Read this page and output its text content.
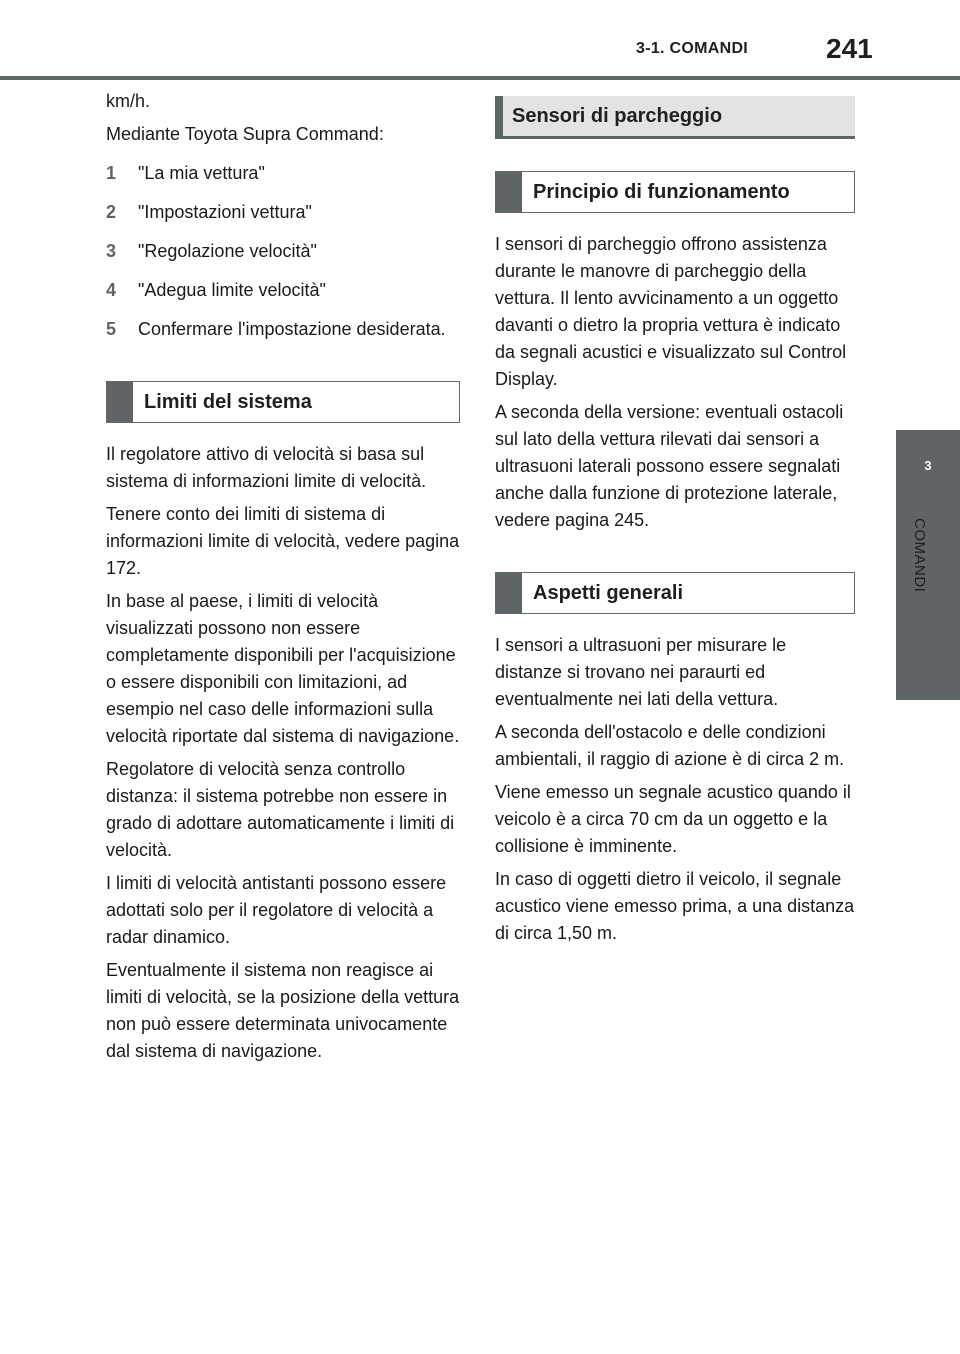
3-1. COMANDI	241
3
COMANDI

km/h.

Mediante Toyota Supra Command:

1 "La mia vettura"
2 "Impostazioni vettura"
3 "Regolazione velocità"
4 "Adegua limite velocità"
5 Confermare l'impostazione desiderata.
Limiti del sistema

Il regolatore attivo di velocità si basa sul sistema di informazioni limite di velocità.

Tenere conto dei limiti di sistema di informazioni limite di velocità, vedere pagina 172.

In base al paese, i limiti di velocità visualizzati possono non essere completamente disponibili per l'acquisizione o essere disponibili con limitazioni, ad esempio nel caso delle informazioni sulla velocità riportate dal sistema di navigazione.

Regolatore di velocità senza controllo distanza: il sistema potrebbe non essere in grado di adottare automaticamente i limiti di velocità.

I limiti di velocità antistanti possono essere adottati solo per il regolatore di velocità a radar dinamico.

Eventualmente il sistema non reagisce ai limiti di velocità, se la posizione della vettura non può essere determinata univocamente dal sistema di navigazione.

Sensori di parcheggio
Principio di funzionamento

I sensori di parcheggio offrono assistenza durante le manovre di parcheggio della vettura. Il lento avvicinamento a un oggetto davanti o dietro la propria vettura è indicato da segnali acustici e visualizzato sul Control Display.

A seconda della versione: eventuali ostacoli sul lato della vettura rilevati dai sensori a ultrasuoni laterali possono essere segnalati anche dalla funzione di protezione laterale, vedere pagina 245.

Aspetti generali

I sensori a ultrasuoni per misurare le distanze si trovano nei paraurti ed eventualmente nei lati della vettura.

A seconda dell'ostacolo e delle condizioni ambientali, il raggio di azione è di circa 2 m.

Viene emesso un segnale acustico quando il veicolo è a circa 70 cm da un oggetto e la collisione è imminente.

In caso di oggetti dietro il veicolo, il segnale acustico viene emesso prima, a una distanza di circa 1,50 m.
